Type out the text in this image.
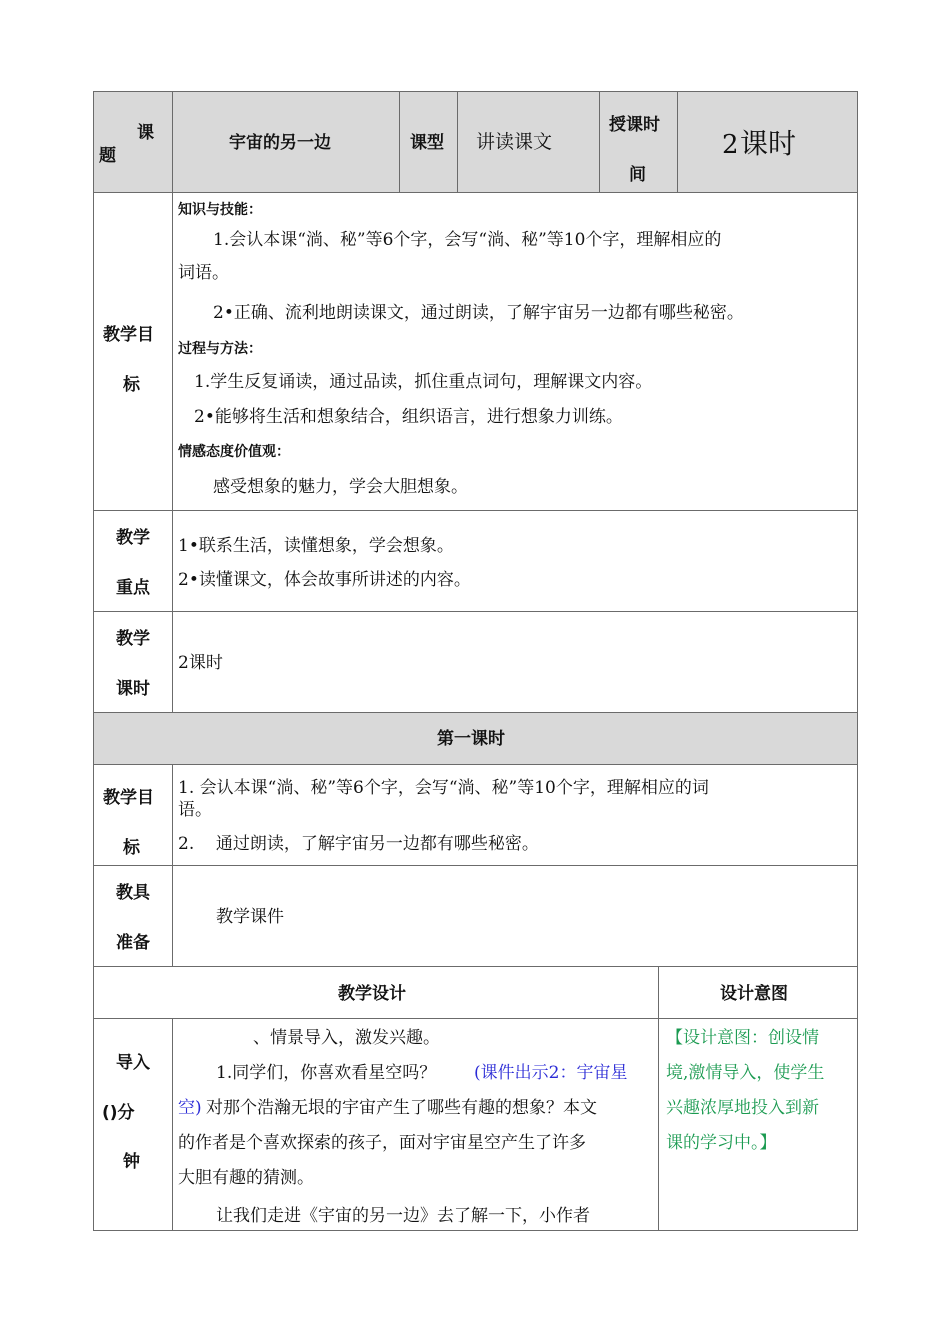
课
题
宇宙的另一边	课型 讲读课文
授课时
间
2 课时
教学目
标
知识与技能：
1.会认本课“淌、秘”等6个字，会写“淌、秘”等10个字，理解相应的
词语。
2•正确、流利地朗读课文，通过朗读，了解宇宙另一边都有哪些秘密。
过程与方法：
1.学生反复诵读，通过品读，抓住重点词句，理解课文内容。
2•能够将生活和想象结合，组织语言，进行想象力训练。
情感态度价值观：
感受想象的魅力，学会大胆想象。
教学
重点
1•联系生活，读懂想象，学会想象。
2•读懂课文，体会故事所讲述的内容。
教学
课时
2课时
第一课时
教学目
标
1. 会认本课“淌、秘”等6个字，会写“淌、秘”等10个字，理解相应的词
语。
2.    通过朗读，了解宇宙另一边都有哪些秘密。
教具
准备
教学课件
教学设计	设计意图
导入
()分
钟
、情景导入，激发兴趣。
1.同学们，你喜欢看星空吗？ (课件出示2：宇宙星
空) 对那个浩瀚无垠的宇宙产生了哪些有趣的想象？本文
的作者是个喜欢探索的孩子，面对宇宙星空产生了许多
大胆有趣的猜测。
让我们走进《宇宙的另一边》去了解一下，小作者
【设计意图：创设情
境,激情导入，使学生
兴趣浓厚地投入到新
课的学习中。】
